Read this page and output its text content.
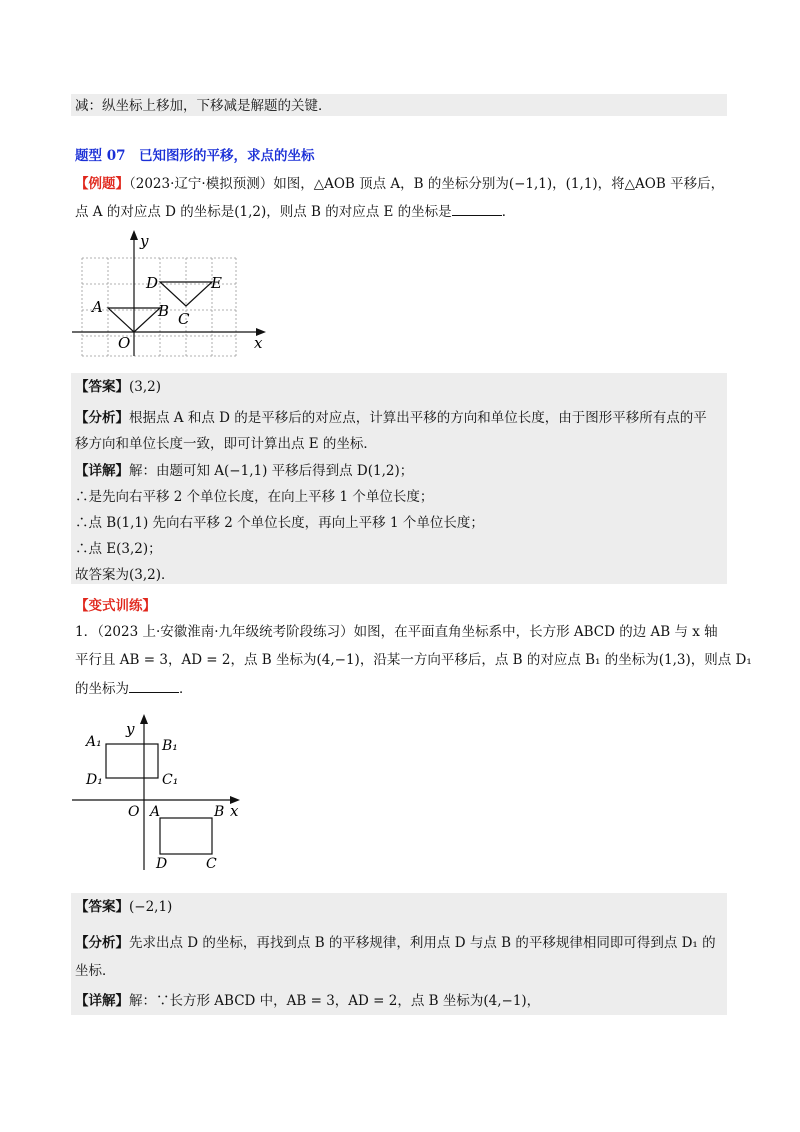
减：纵坐标上移加，下移减是解题的关键．
题型 07　已知图形的平移，求点的坐标
【例题】（2023·辽宁·模拟预测）如图，△AOB 顶点 A，B 的坐标分别为(−1,1)，(1,1)，将△AOB 平移后，
点 A 的对应点 D 的坐标是(1,2)，则点 B 的对应点 E 的坐标是	．
y
x
O
A	B C
D	E
【答案】(3,2)
【分析】根据点 A 和点 D 的是平移后的对应点，计算出平移的方向和单位长度，由于图形平移所有点的平
移方向和单位长度一致，即可计算出点 E 的坐标．
【详解】解：由题可知 A(−1,1) 平移后得到点 D(1,2)；
∴是先向右平移 2 个单位长度，在向上平移 1 个单位长度；
∴点 B(1,1) 先向右平移 2 个单位长度，再向上平移 1 个单位长度；
∴点 E(3,2)；
故答案为(3,2)．
【变式训练】
1．（2023 上·安徽淮南·九年级统考阶段练习）如图，在平面直角坐标系中，长方形 ABCD 的边 AB 与 x 轴
平行且 AB = 3，AD = 2，点 B 坐标为(4,−1)，沿某一方向平移后，点 B 的对应点 B₁ 的坐标为(1,3)，则点 D₁
的坐标为	．
y
x
O A	B
C
D
A₁	B₁
C₁
D₁
【答案】(−2,1)
【分析】先求出点 D 的坐标，再找到点 B 的平移规律，利用点 D 与点 B 的平移规律相同即可得到点 D₁ 的
坐标．
【详解】解：∵长方形 ABCD 中，AB = 3，AD = 2，点 B 坐标为(4,−1)，
